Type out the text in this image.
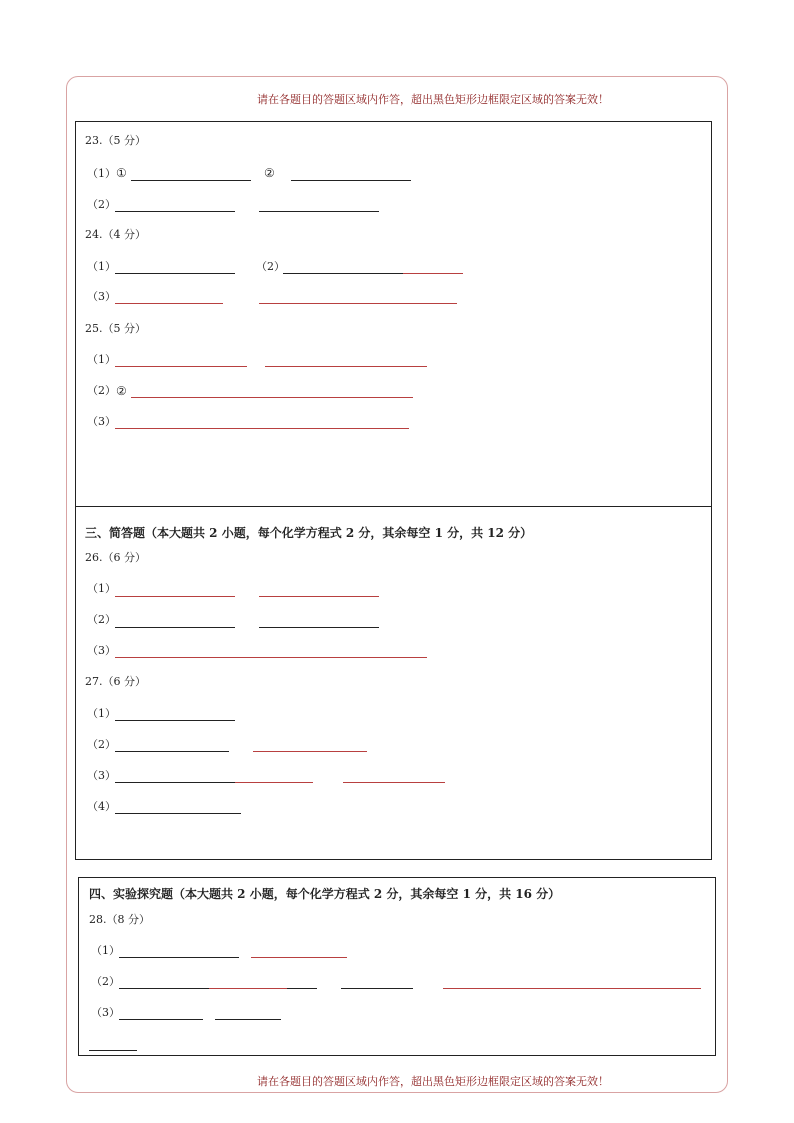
请在各题目的答题区域内作答，超出黑色矩形边框限定区域的答案无效！
23.（5 分）
（1） ①	②
（2）
24.（4 分）
（1）	（2）
（3）
25.（5 分）
（1）
（2） ②
（3）
三、简答题（本大题共 2 小题，每个化学方程式 2 分，其余每空 1 分，共 12 分）
26.（6 分）
（1）
（2）
（3）
27.（6 分）
（1）
（2）
（3）
（4）
四、实验探究题（本大题共 2 小题，每个化学方程式 2 分，其余每空 1 分，共 16 分）
28.（8 分）
（1）
（2）
（3）
请在各题目的答题区域内作答，超出黑色矩形边框限定区域的答案无效！
